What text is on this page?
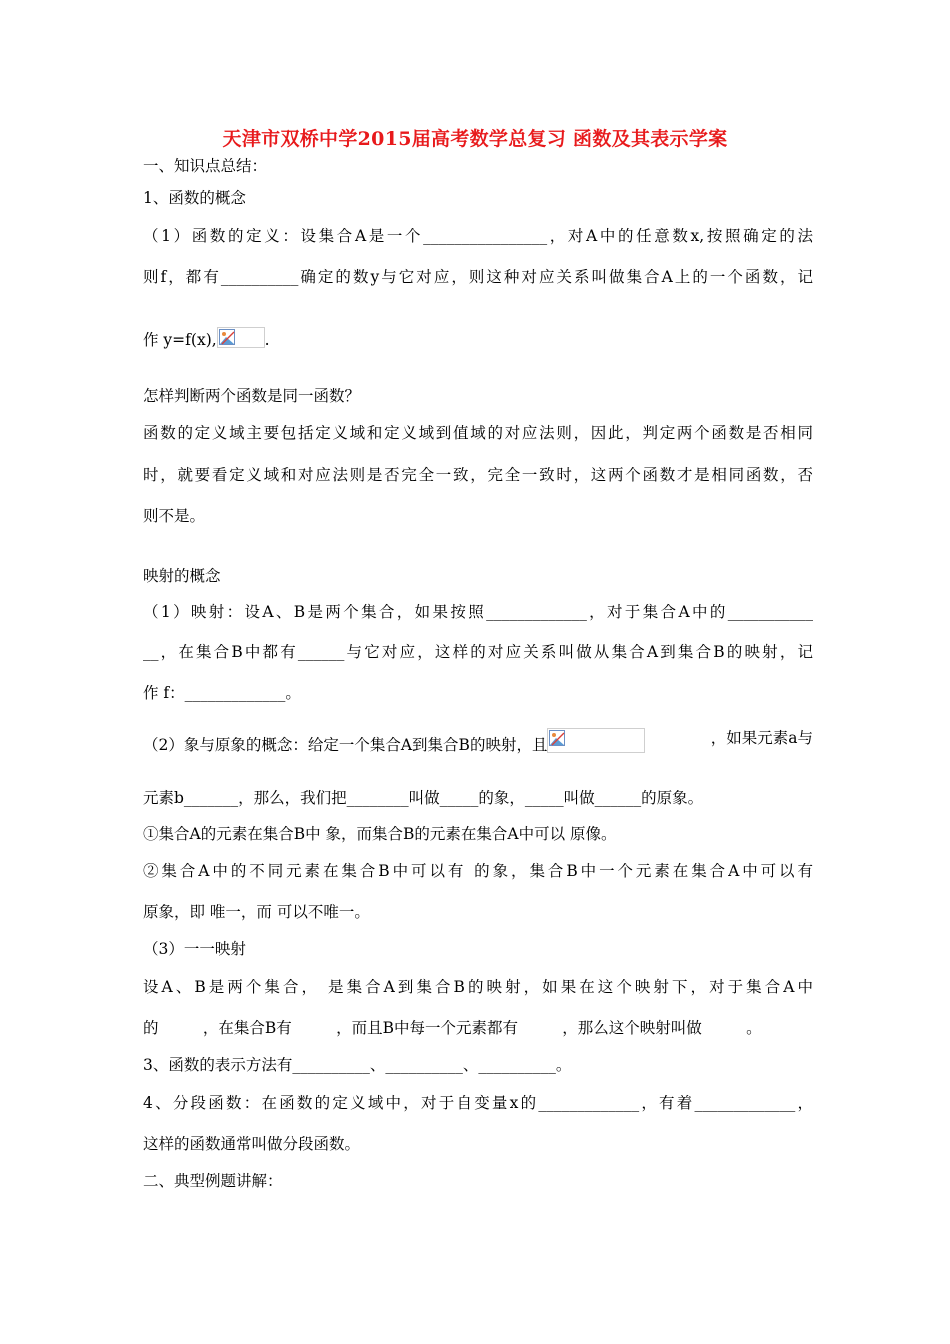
天津市双桥中学2015届高考数学总复习 函数及其表示学案
一、知识点总结：
1、函数的概念
（1）函数的定义：设集合A是一个________________，对A中的任意数x,按照确定的法
则f，都有__________确定的数y与它对应，则这种对应关系叫做集合A上的一个函数，记
作 y=f(x),	.
怎样判断两个函数是同一函数？
函数的定义域主要包括定义域和定义域到值域的对应法则，因此，判定两个函数是否相同
时，就要看定义域和对应法则是否完全一致，完全一致时，这两个函数才是相同函数，否
则不是。
映射的概念
（1）映射：设A、B是两个集合，如果按照_____________，对于集合A中的___________
__，在集合B中都有______与它对应，这样的对应关系叫做从集合A到集合B的映射，记
作 f：_____________。
（2）象与原象的概念：给定一个集合A到集合B的映射，且	，如果元素a与
元素b_______，那么，我们把________叫做_____的象，_____叫做______的原象。
①集合A的元素在集合B中 象，而集合B的元素在集合A中可以 原像。
②集合A中的不同元素在集合B中可以有 的象，集合B中一个元素在集合A中可以有
原象，即 唯一，而 可以不唯一。
（3）一一映射
设A、B是两个集合， 是集合A到集合B的映射，如果在这个映射下，对于集合A中
的         ，在集合B有         ，而且B中每一个元素都有         ，那么这个映射叫做         。
3、函数的表示方法有__________、__________、__________。
4、分段函数：在函数的定义域中，对于自变量x的_____________，有着_____________，
这样的函数通常叫做分段函数。
二、典型例题讲解：
